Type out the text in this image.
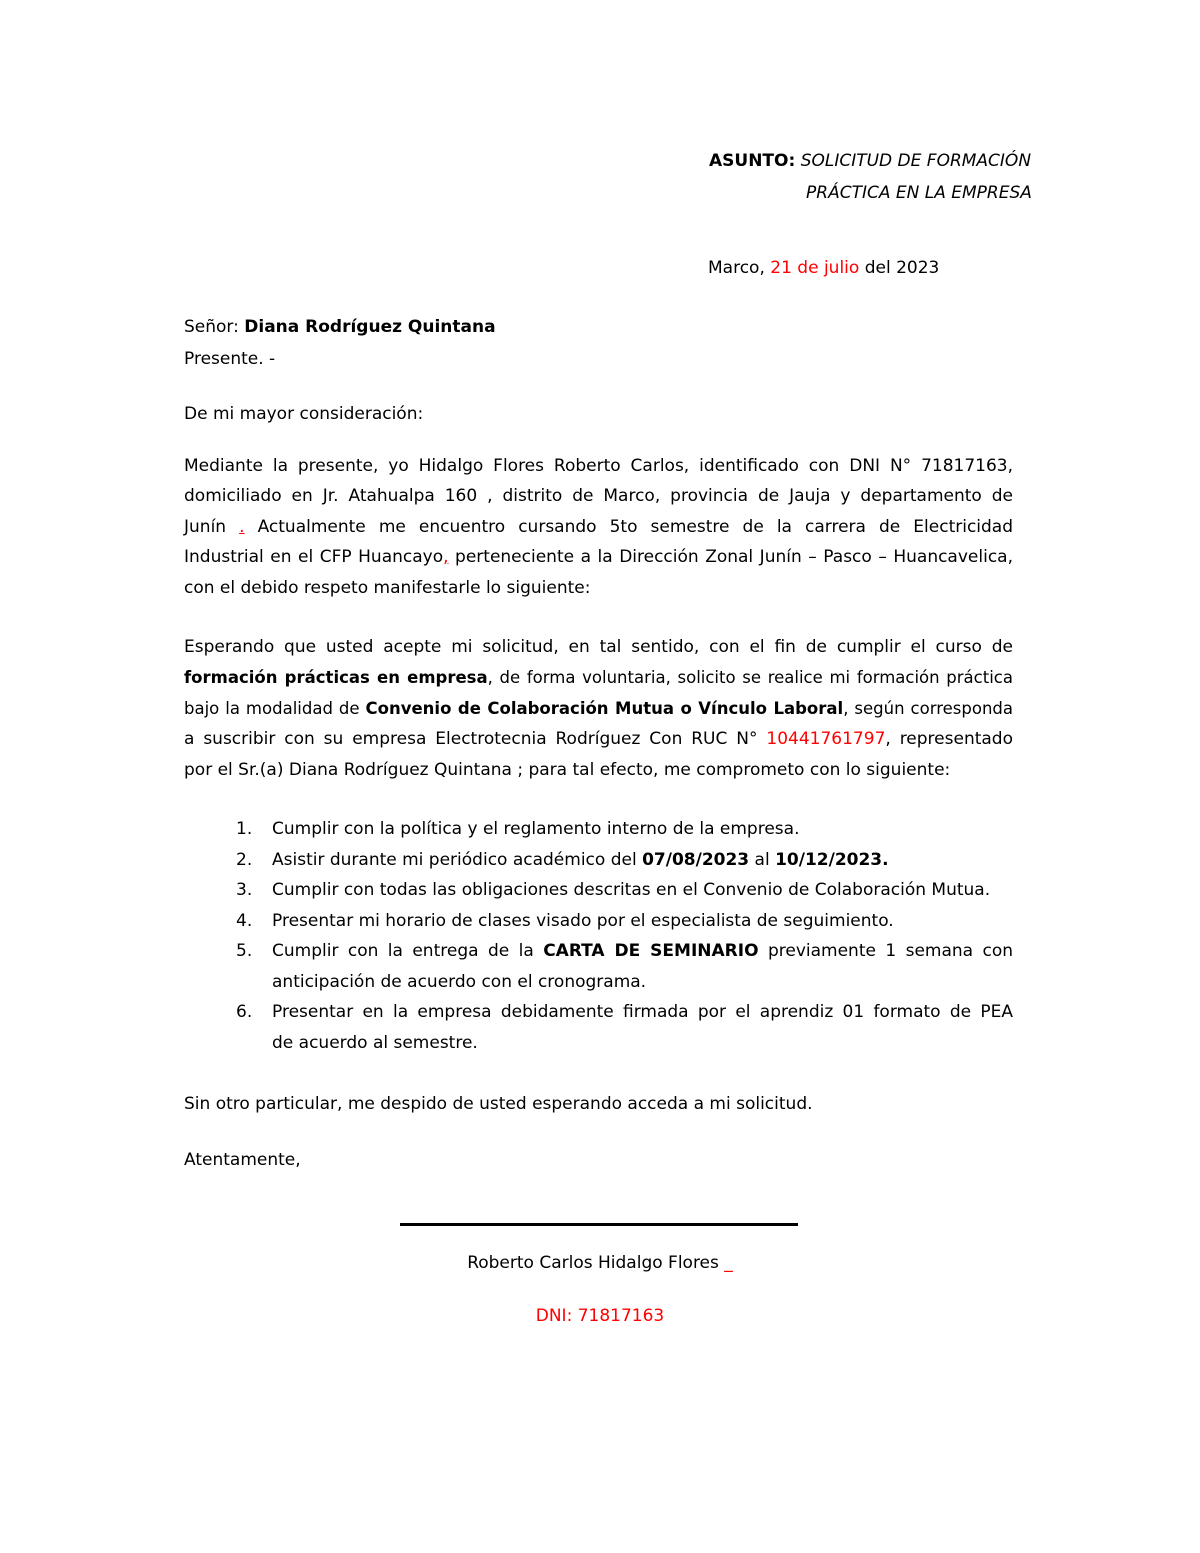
ASUNTO: SOLICITUD DE FORMACIÓN
PRÁCTICA EN LA EMPRESA
Marco, 21 de julio del 2023
Señor: Diana Rodríguez Quintana
Presente. -
De mi mayor consideración:
Mediante la presente, yo Hidalgo Flores Roberto Carlos, identificado con DNI N° 71817163,
domiciliado en Jr. Atahualpa 160 , distrito de Marco, provincia de Jauja y departamento de
Junín . Actualmente me encuentro cursando 5to semestre de la carrera de Electricidad
Industrial en el CFP Huancayo, perteneciente a la Dirección Zonal Junín – Pasco – Huancavelica,
con el debido respeto manifestarle lo siguiente:
Esperando que usted acepte mi solicitud, en tal sentido, con el fin de cumplir el curso de
formación prácticas en empresa, de forma voluntaria, solicito se realice mi formación práctica
bajo la modalidad de Convenio de Colaboración Mutua o Vínculo Laboral, según corresponda
a suscribir con su empresa Electrotecnia Rodríguez Con RUC N° 10441761797, representado
por el Sr.(a) Diana Rodríguez Quintana ; para tal efecto, me comprometo con lo siguiente:
1.	Cumplir con la política y el reglamento interno de la empresa.
2.	Asistir durante mi periódico académico del 07/08/2023 al 10/12/2023.
3.	Cumplir con todas las obligaciones descritas en el Convenio de Colaboración Mutua.
4.	Presentar mi horario de clases visado por el especialista de seguimiento.
5.	Cumplir con la entrega de la CARTA DE SEMINARIO previamente 1 semana con
anticipación de acuerdo con el cronograma.
6.	Presentar en la empresa debidamente firmada por el aprendiz 01 formato de PEA
de acuerdo al semestre.
Sin otro particular, me despido de usted esperando acceda a mi solicitud.
Atentamente,
Roberto Carlos Hidalgo Flores _
DNI: 71817163
